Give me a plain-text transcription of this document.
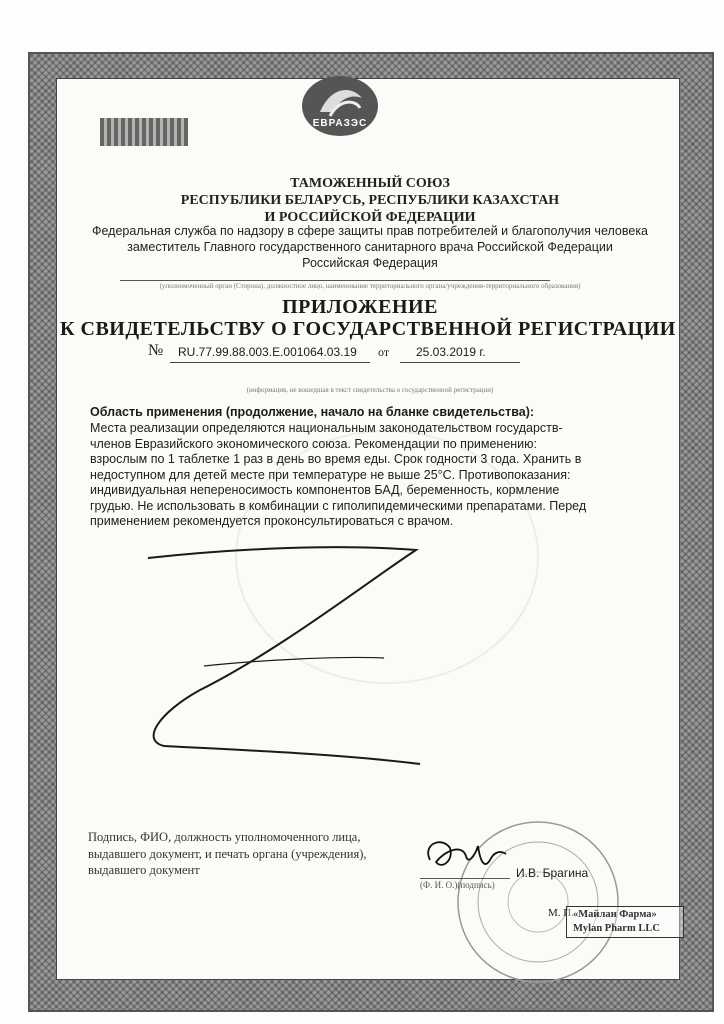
ЕВРАЗЭС
ТАМОЖЕННЫЙ СОЮЗ
РЕСПУБЛИКИ БЕЛАРУСЬ, РЕСПУБЛИКИ КАЗАХСТАН
И РОССИЙСКОЙ ФЕДЕРАЦИИ
Федеральная служба по надзору в сфере защиты прав потребителей и благополучия человека
заместитель Главного государственного санитарного врача Российской Федерации
Российская Федерация
(уполномоченный орган (Сторона), должностное лицо, наименование территориального органа/учреждения-территориального образования)
ПРИЛОЖЕНИЕ
К СВИДЕТЕЛЬСТВУ О ГОСУДАРСТВЕННОЙ РЕГИСТРАЦИИ
№ RU.77.99.88.003.E.001064.03.19 от 25.03.2019 г.
(информация, не вошедшая в текст свидетельства о государственной регистрации)
Область применения (продолжение, начало на бланке свидетельства):
Места реализации определяются национальным законодательством государств-членов Евразийского экономического союза. Рекомендации по применению: взрослым по 1 таблетке 1 раз в день во время еды. Срок годности 3 года. Хранить в недоступном для детей месте при температуре не выше 25°С. Противопоказания: индивидуальная непереносимость компонентов БАД, беременность, кормление грудью. Не использовать в комбинации с гиполипидемическими препаратами. Перед применением рекомендуется проконсультироваться с врачом.
Подпись, ФИО, должность уполномоченного лица, выдавшего документ, и печать органа (учреждения), выдавшего документ	И.В. Брагина
(Ф. И. О.)(подпись)
М. П. «Майлан Фарма»
Mylan Pharm LLC
«ГОСО «Вертикальный дом», г. Москва, 2018»
